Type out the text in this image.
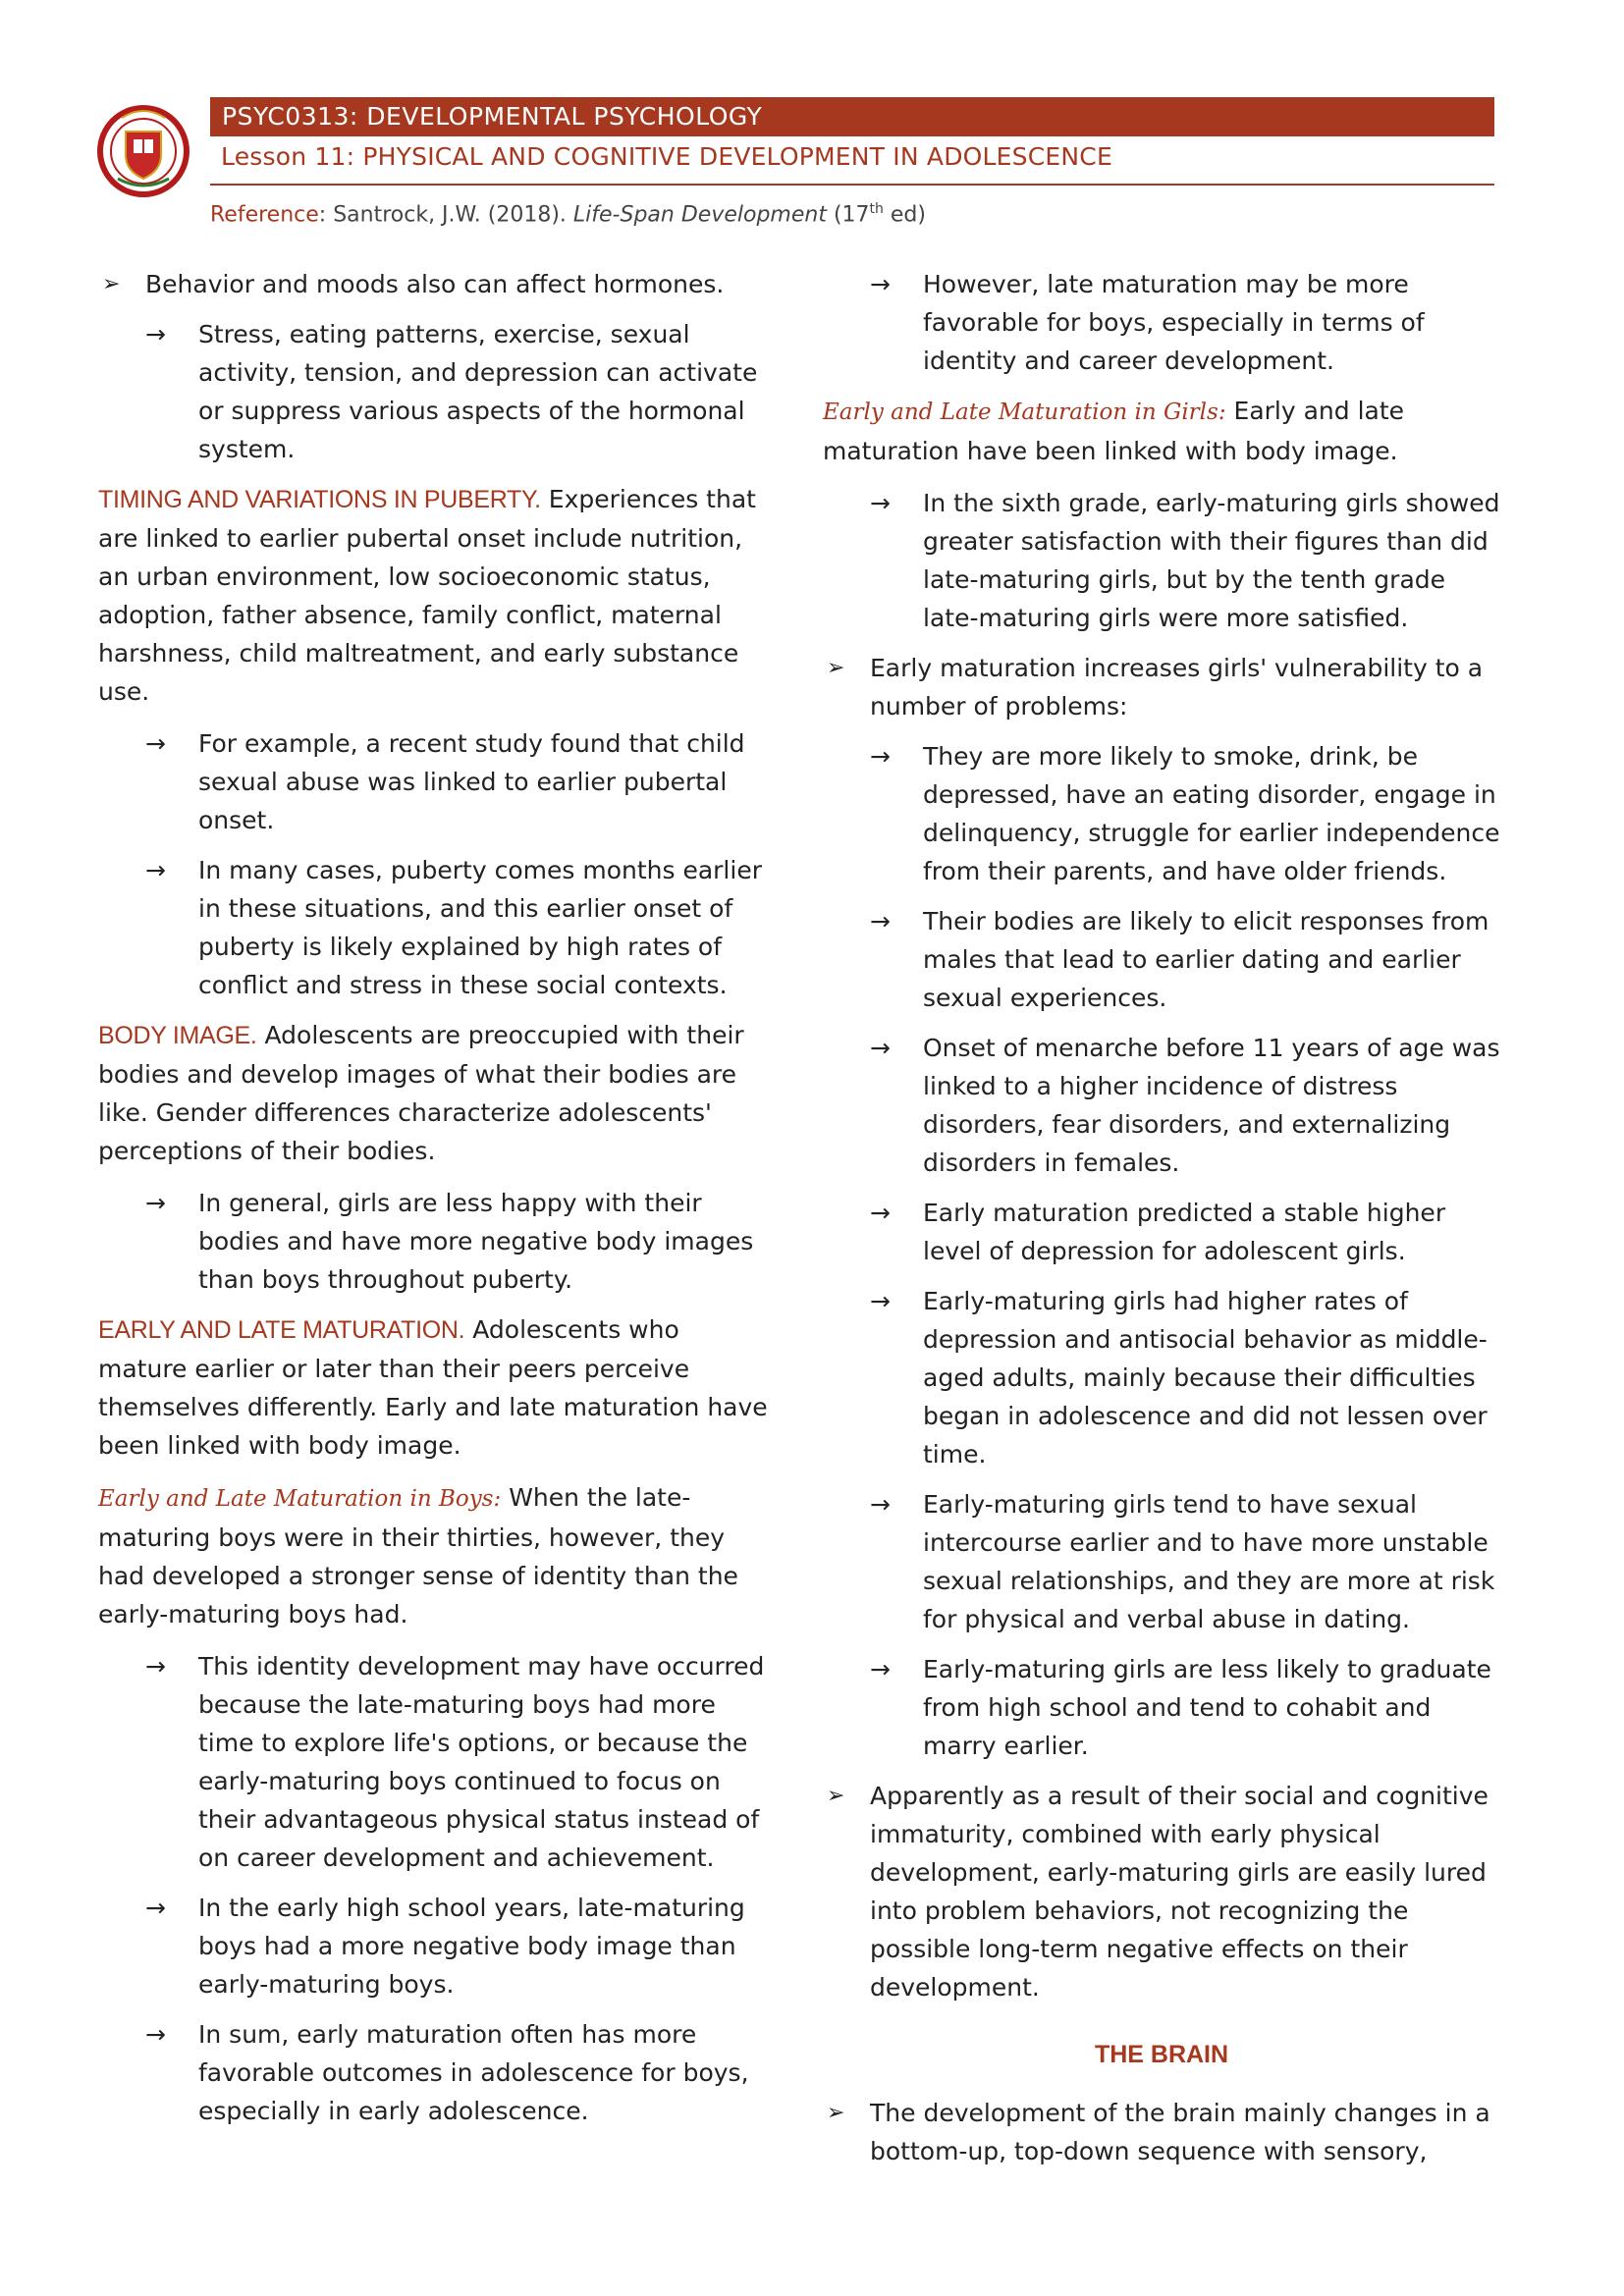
PSYC0313: DEVELOPMENTAL PSYCHOLOGY
Lesson 11: PHYSICAL AND COGNITIVE DEVELOPMENT IN ADOLESCENCE
Reference: Santrock, J.W. (2018). Life-Span Development (17th ed)
➢ Behavior and moods also can affect hormones.
→ Stress, eating patterns, exercise, sexual activity, tension, and depression can activate or suppress various aspects of the hormonal system.

TIMING AND VARIATIONS IN PUBERTY. Experiences that are linked to earlier pubertal onset include nutrition, an urban environment, low socioeconomic status, adoption, father absence, family conflict, maternal harshness, child maltreatment, and early substance use.

→ For example, a recent study found that child sexual abuse was linked to earlier pubertal onset.
→ In many cases, puberty comes months earlier in these situations, and this earlier onset of puberty is likely explained by high rates of conflict and stress in these social contexts.

BODY IMAGE. Adolescents are preoccupied with their bodies and develop images of what their bodies are like. Gender differences characterize adolescents' perceptions of their bodies.

→ In general, girls are less happy with their bodies and have more negative body images than boys throughout puberty.

EARLY AND LATE MATURATION. Adolescents who mature earlier or later than their peers perceive themselves differently. Early and late maturation have been linked with body image.

Early and Late Maturation in Boys: When the late-maturing boys were in their thirties, however, they had developed a stronger sense of identity than the early-maturing boys had.

→ This identity development may have occurred because the late-maturing boys had more time to explore life's options, or because the early-maturing boys continued to focus on their advantageous physical status instead of on career development and achievement.
→ In the early high school years, late-maturing boys had a more negative body image than early-maturing boys.
→ In sum, early maturation often has more favorable outcomes in adolescence for boys, especially in early adolescence.
→ However, late maturation may be more favorable for boys, especially in terms of identity and career development.

Early and Late Maturation in Girls: Early and late maturation have been linked with body image.

→ In the sixth grade, early-maturing girls showed greater satisfaction with their figures than did late-maturing girls, but by the tenth grade late-maturing girls were more satisfied.
➢ Early maturation increases girls' vulnerability to a number of problems:
→ They are more likely to smoke, drink, be depressed, have an eating disorder, engage in delinquency, struggle for earlier independence from their parents, and have older friends.
→ Their bodies are likely to elicit responses from males that lead to earlier dating and earlier sexual experiences.
→ Onset of menarche before 11 years of age was linked to a higher incidence of distress disorders, fear disorders, and externalizing disorders in females.
→ Early maturation predicted a stable higher level of depression for adolescent girls.
→ Early-maturing girls had higher rates of depression and antisocial behavior as middle-aged adults, mainly because their difficulties began in adolescence and did not lessen over time.
→ Early-maturing girls tend to have sexual intercourse earlier and to have more unstable sexual relationships, and they are more at risk for physical and verbal abuse in dating.
→ Early-maturing girls are less likely to graduate from high school and tend to cohabit and marry earlier.
➢ Apparently as a result of their social and cognitive immaturity, combined with early physical development, early-maturing girls are easily lured into problem behaviors, not recognizing the possible long-term negative effects on their development.
THE BRAIN
➢ The development of the brain mainly changes in a bottom-up, top-down sequence with sensory,
